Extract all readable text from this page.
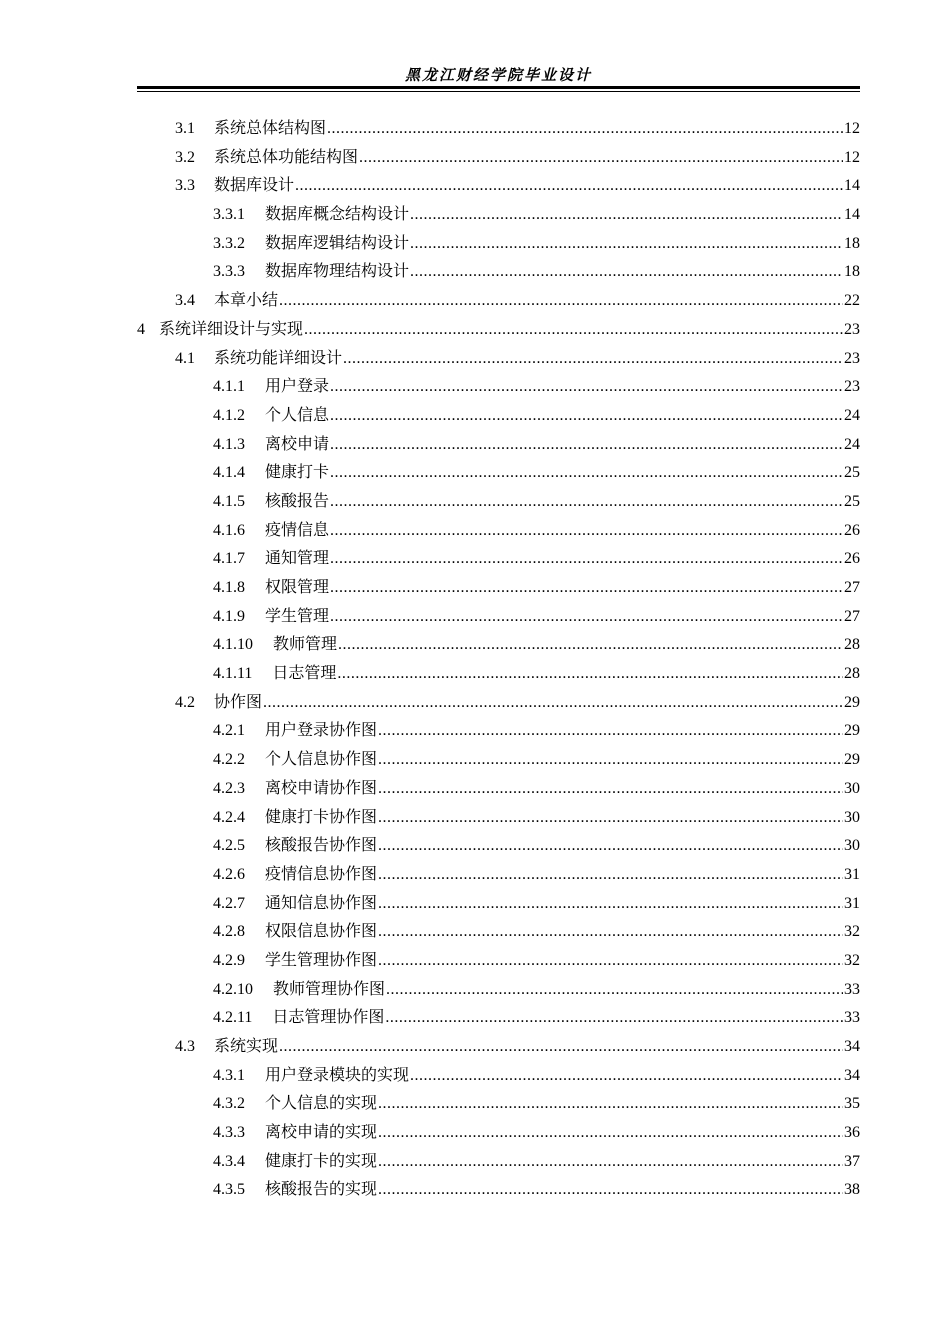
黑龙江财经学院毕业设计
3.1 系统总体结构图 .....	12
3.2 系统总体功能结构图 .....	12
3.3 数据库设计 .....	14
3.3.1 数据库概念结构设计 .....	14
3.3.2 数据库逻辑结构设计 .....	18
3.3.3 数据库物理结构设计 .....	18
3.4 本章小结 .....	22
4 系统详细设计与实现 .....	23
4.1 系统功能详细设计 .....	23
4.1.1 用户登录 .....	23
4.1.2 个人信息 .....	24
4.1.3 离校申请 .....	24
4.1.4 健康打卡 .....	25
4.1.5 核酸报告 .....	25
4.1.6 疫情信息 .....	26
4.1.7 通知管理 .....	26
4.1.8 权限管理 .....	27
4.1.9 学生管理 .....	27
4.1.10 教师管理 .....	28
4.1.11 日志管理 .....	28
4.2 协作图 .....	29
4.2.1 用户登录协作图 .....	29
4.2.2 个人信息协作图 .....	29
4.2.3 离校申请协作图 .....	30
4.2.4 健康打卡协作图 .....	30
4.2.5 核酸报告协作图 .....	30
4.2.6 疫情信息协作图 .....	31
4.2.7 通知信息协作图 .....	31
4.2.8 权限信息协作图 .....	32
4.2.9 学生管理协作图 .....	32
4.2.10 教师管理协作图 .....	33
4.2.11 日志管理协作图 .....	33
4.3 系统实现 .....	34
4.3.1 用户登录模块的实现 .....	34
4.3.2 个人信息的实现 .....	35
4.3.3 离校申请的实现 .....	36
4.3.4 健康打卡的实现 .....	37
4.3.5 核酸报告的实现 .....	38
